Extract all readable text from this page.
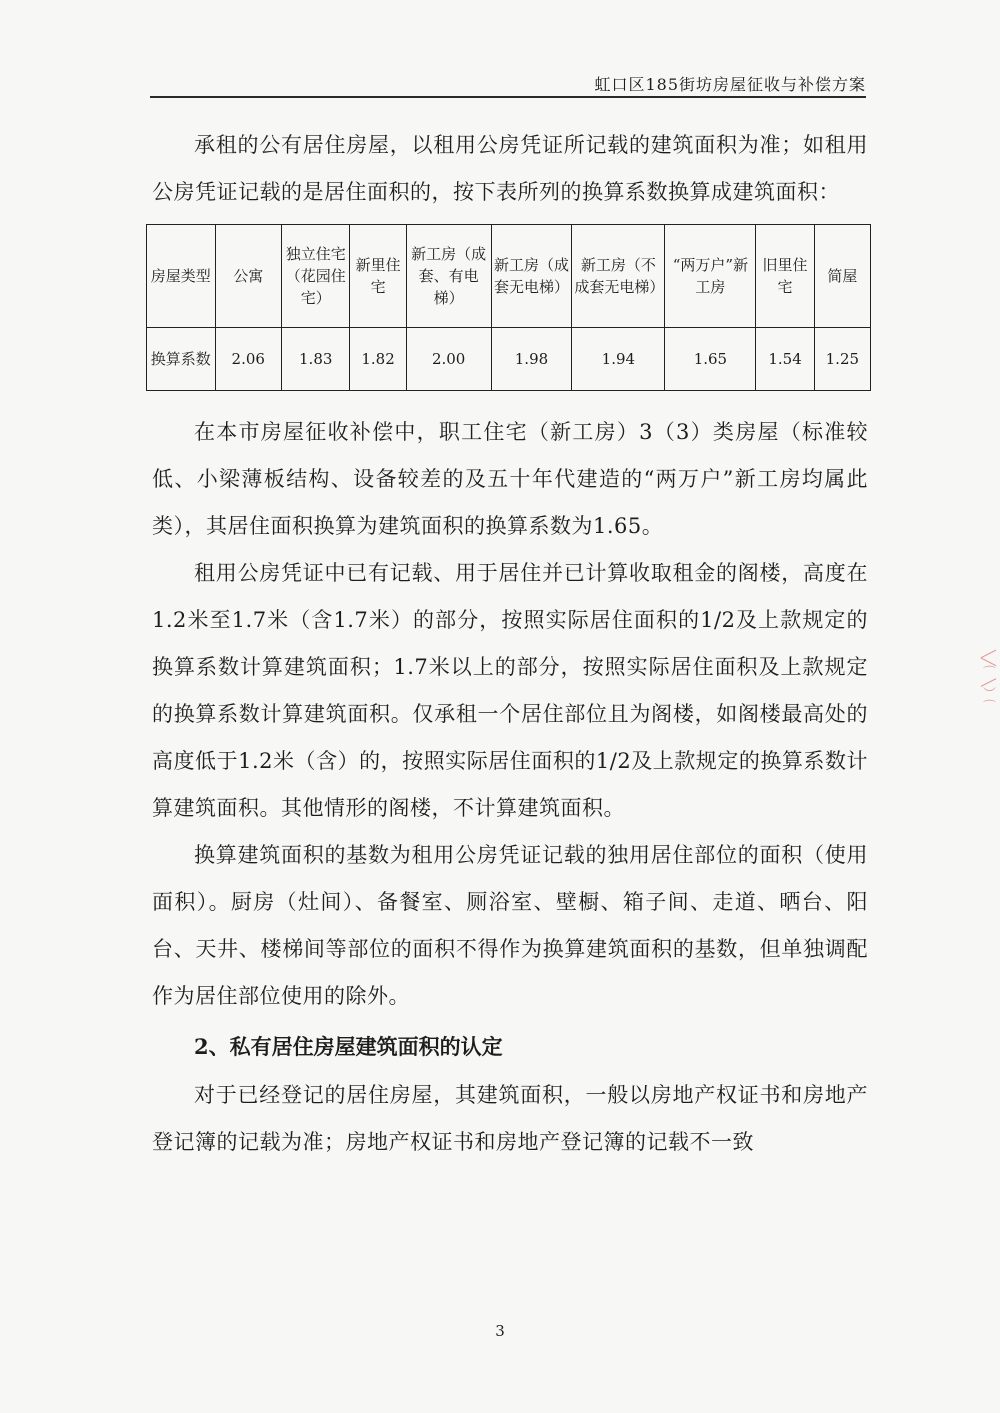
虹口区185街坊房屋征收与补偿方案

承租的公有居住房屋，以租用公房凭证所记载的建筑面积为准；如租用公房凭证记载的是居住面积的，按下表所列的换算系数换算成建筑面积：

房屋类型	公寓	独立住宅（花园住宅）	新里住宅	新工房（成套、有电梯）	新工房（成套无电梯）	新工房（不成套无电梯）	“两万户”新工房	旧里住宅	简屋
换算系数	2.06	1.83	1.82	2.00	1.98	1.94	1.65	1.54	1.25

在本市房屋征收补偿中，职工住宅（新工房）3（3）类房屋（标准较低、小梁薄板结构、设备较差的及五十年代建造的“两万户”新工房均属此类），其居住面积换算为建筑面积的换算系数为1.65。

租用公房凭证中已有记载、用于居住并已计算收取租金的阁楼，高度在1.2米至1.7米（含1.7米）的部分，按照实际居住面积的1/2及上款规定的换算系数计算建筑面积；1.7米以上的部分，按照实际居住面积及上款规定的换算系数计算建筑面积。仅承租一个居住部位且为阁楼，如阁楼最高处的高度低于1.2米（含）的，按照实际居住面积的1/2及上款规定的换算系数计算建筑面积。其他情形的阁楼，不计算建筑面积。

换算建筑面积的基数为租用公房凭证记载的独用居住部位的面积（使用面积）。厨房（灶间）、备餐室、厕浴室、壁橱、箱子间、走道、晒台、阳台、天井、楼梯间等部位的面积不得作为换算建筑面积的基数，但单独调配作为居住部位使用的除外。

2、私有居住房屋建筑面积的认定

对于已经登记的居住房屋，其建筑面积，一般以房地产权证书和房地产登记簿的记载为准；房地产权证书和房地产登记簿的记载不一致

╲╱⌒╲︶⌒
3
